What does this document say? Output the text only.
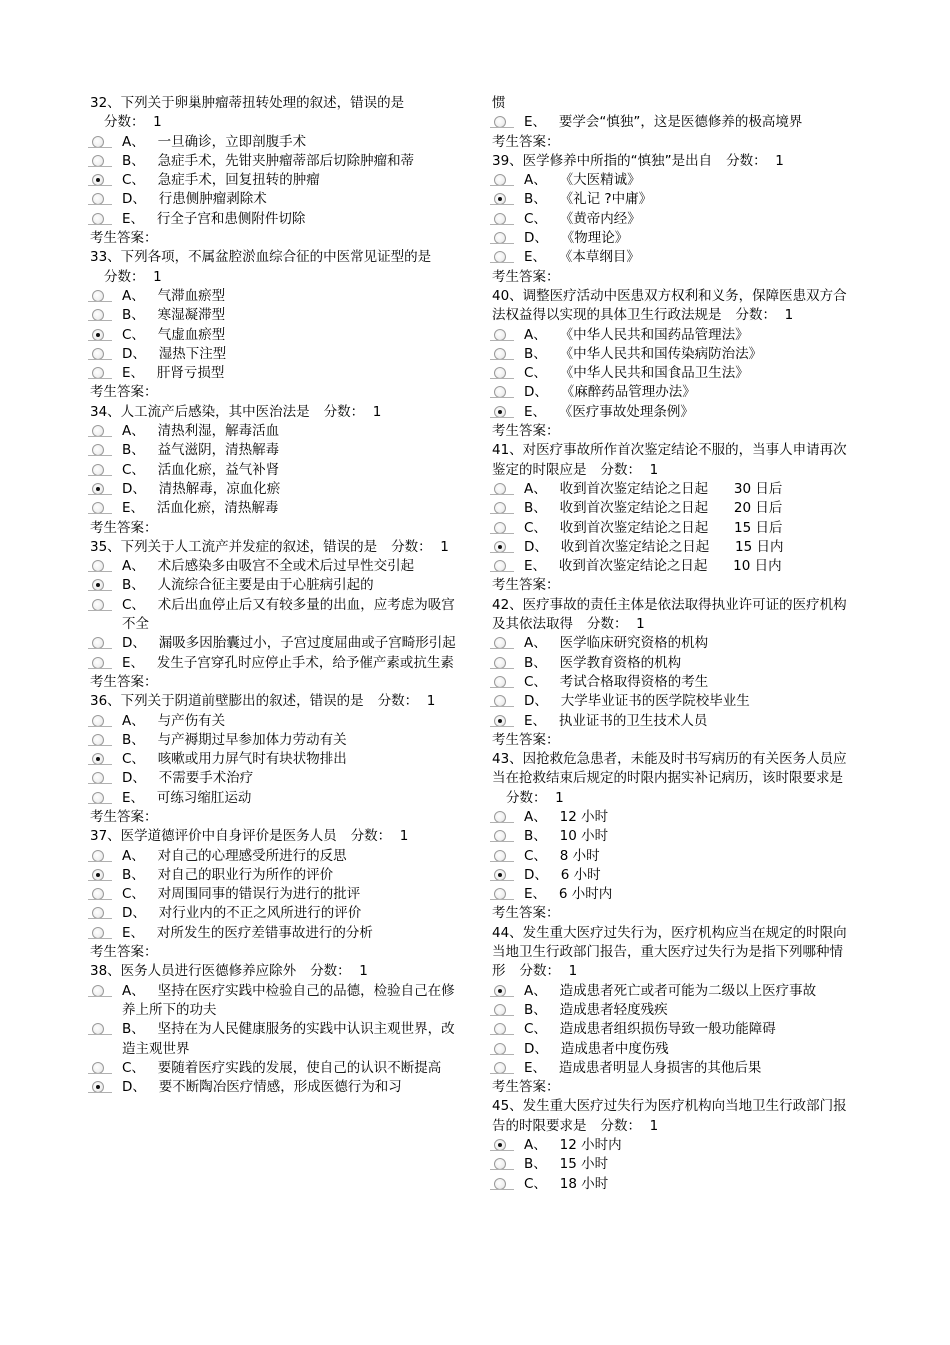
32、下列关于卵巢肿瘤蒂扭转处理的叙述，错误的是分数：  1
A、   一旦确诊，立即剖腹手术
B、   急症手术，先钳夹肿瘤蒂部后切除肿瘤和蒂
C、   急症手术，回复扭转的肿瘤
D、   行患侧肿瘤剥除术
E、   行全子宫和患侧附件切除
考生答案：
33、下列各项，不属盆腔淤血综合征的中医常见证型的是分数：  1
A、   气滞血瘀型
B、   寒湿凝滞型
C、   气虚血瘀型
D、   湿热下注型
E、   肝肾亏损型
考生答案：
34、人工流产后感染，其中医治法是 分数：  1
A、   清热利湿，解毒活血
B、   益气滋阴，清热解毒
C、   活血化瘀，益气补肾
D、   清热解毒，凉血化瘀
E、   活血化瘀，清热解毒
考生答案：
35、下列关于人工流产并发症的叙述，错误的是 分数：  1
A、   术后感染多由吸宫不全或术后过早性交引起
B、   人流综合征主要是由于心脏病引起的
C、   术后出血停止后又有较多量的出血，应考虑为吸宫不全
D、   漏吸多因胎囊过小，子宫过度屈曲或子宫畸形引起
E、   发生子宫穿孔时应停止手术，给予催产素或抗生素
考生答案：
36、下列关于阴道前壁膨出的叙述，错误的是 分数：  1
A、   与产伤有关
B、   与产褥期过早参加体力劳动有关
C、   咳嗽或用力屏气时有块状物排出
D、   不需要手术治疗
E、   可练习缩肛运动
考生答案：
37、医学道德评价中自身评价是医务人员 分数：  1
A、   对自己的心理感受所进行的反思
B、   对自己的职业行为所作的评价
C、   对周围同事的错误行为进行的批评
D、   对行业内的不正之风所进行的评价
E、   对所发生的医疗差错事故进行的分析
考生答案：
38、医务人员进行医德修养应除外 分数：  1
A、   坚持在医疗实践中检验自己的品德，检验自己在修养上所下的功夫
B、   坚持在为人民健康服务的实践中认识主观世界，改造主观世界
C、   要随着医疗实践的发展，使自己的认识不断提高
D、   要不断陶冶医疗情感，形成医德行为和习
惯
E、   要学会“慎独”，这是医德修养的极高境界
考生答案：
39、医学修养中所指的“慎独”是出自 分数：  1
A、   《大医精诚》
B、   《礼记 ?中庸》
C、   《黄帝内经》
D、   《物理论》
E、   《本草纲目》
考生答案：
40、调整医疗活动中医患双方权利和义务，保障医患双方合法权益得以实现的具体卫生行政法规是 分数：  1
A、   《中华人民共和国药品管理法》
B、   《中华人民共和国传染病防治法》
C、   《中华人民共和国食品卫生法》
D、   《麻醉药品管理办法》
E、   《医疗事故处理条例》
考生答案：
41、对医疗事故所作首次鉴定结论不服的，当事人申请再次鉴定的时限应是 分数：  1
A、   收到首次鉴定结论之日起      30 日后
B、   收到首次鉴定结论之日起      20 日后
C、   收到首次鉴定结论之日起      15 日后
D、   收到首次鉴定结论之日起      15 日内
E、   收到首次鉴定结论之日起      10 日内
考生答案：
42、医疗事故的责任主体是依法取得执业许可证的医疗机构及其依法取得 分数：  1
A、   医学临床研究资格的机构
B、   医学教育资格的机构
C、   考试合格取得资格的考生
D、   大学毕业证书的医学院校毕业生
E、   执业证书的卫生技术人员
考生答案：
43、因抢救危急患者，未能及时书写病历的有关医务人员应当在抢救结束后规定的时限内据实补记病历，该时限要求是分数：  1
A、   12 小时
B、   10 小时
C、   8 小时
D、   6 小时
E、   6 小时内
考生答案：
44、发生重大医疗过失行为，医疗机构应当在规定的时限向当地卫生行政部门报告，重大医疗过失行为是指下列哪种情形 分数：  1
A、   造成患者死亡或者可能为二级以上医疗事故
B、   造成患者轻度残疾
C、   造成患者组织损伤导致一般功能障碍
D、   造成患者中度伤残
E、   造成患者明显人身损害的其他后果
考生答案：
45、发生重大医疗过失行为医疗机构向当地卫生行政部门报告的时限要求是 分数：  1
A、   12 小时内
B、   15 小时
C、   18 小时
